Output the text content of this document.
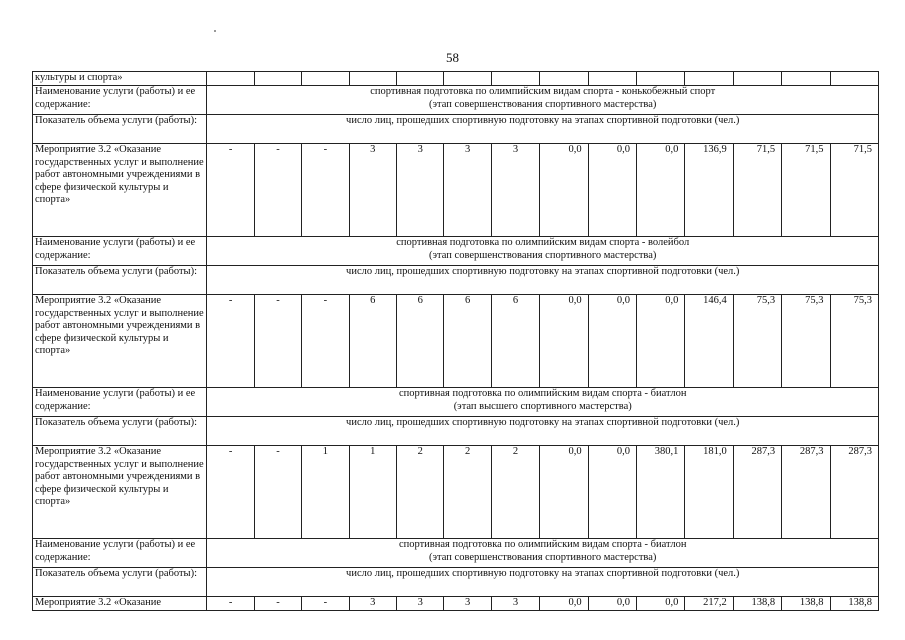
58
культуры и спорта»														
Наименование услуги (работы) и ее содержание:	спортивная подготовка по олимпийским видам спорта - конькобежный спорт
(этап совершенствования спортивного мастерства)													

Показатель объема услуги (работы):	число лиц, прошедших спортивную подготовку на этапах спортивной подготовки (чел.)													
Мероприятие 3.2 «Оказание государственных услуг и выполнение работ автономными учреждениями в сфере физической культуры и спорта»	-	-	-	3	3	3	3	0,0	0,0	0,0	136,9	71,5	71,5	71,5
Наименование услуги (работы) и ее содержание:	спортивная подготовка по олимпийским видам спорта - волейбол
(этап совершенствования спортивного мастерства)													

Показатель объема услуги (работы):	число лиц, прошедших спортивную подготовку на этапах спортивной подготовки (чел.)													
Мероприятие 3.2 «Оказание государственных услуг и выполнение работ автономными учреждениями в сфере физической культуры и спорта»	-	-	-	6	6	6	6	0,0	0,0	0,0	146,4	75,3	75,3	75,3
Наименование услуги (работы) и ее содержание:	спортивная подготовка по олимпийским видам спорта - биатлон
(этап высшего спортивного мастерства)													

Показатель объема услуги (работы):	число лиц, прошедших спортивную подготовку на этапах спортивной подготовки (чел.)													
Мероприятие 3.2 «Оказание государственных услуг и выполнение работ автономными учреждениями в сфере физической культуры и спорта»	-	-	1	1	2	2	2	0,0	0,0	380,1	181,0	287,3	287,3	287,3
Наименование услуги (работы) и ее содержание:	спортивная подготовка по олимпийским видам спорта - биатлон
(этап совершенствования спортивного мастерства)													

Показатель объема услуги (работы):	число лиц, прошедших спортивную подготовку на этапах спортивной подготовки (чел.)													
Мероприятие 3.2 «Оказание	-	-	-	3	3	3	3	0,0	0,0	0,0	217,2	138,8	138,8	138,8
